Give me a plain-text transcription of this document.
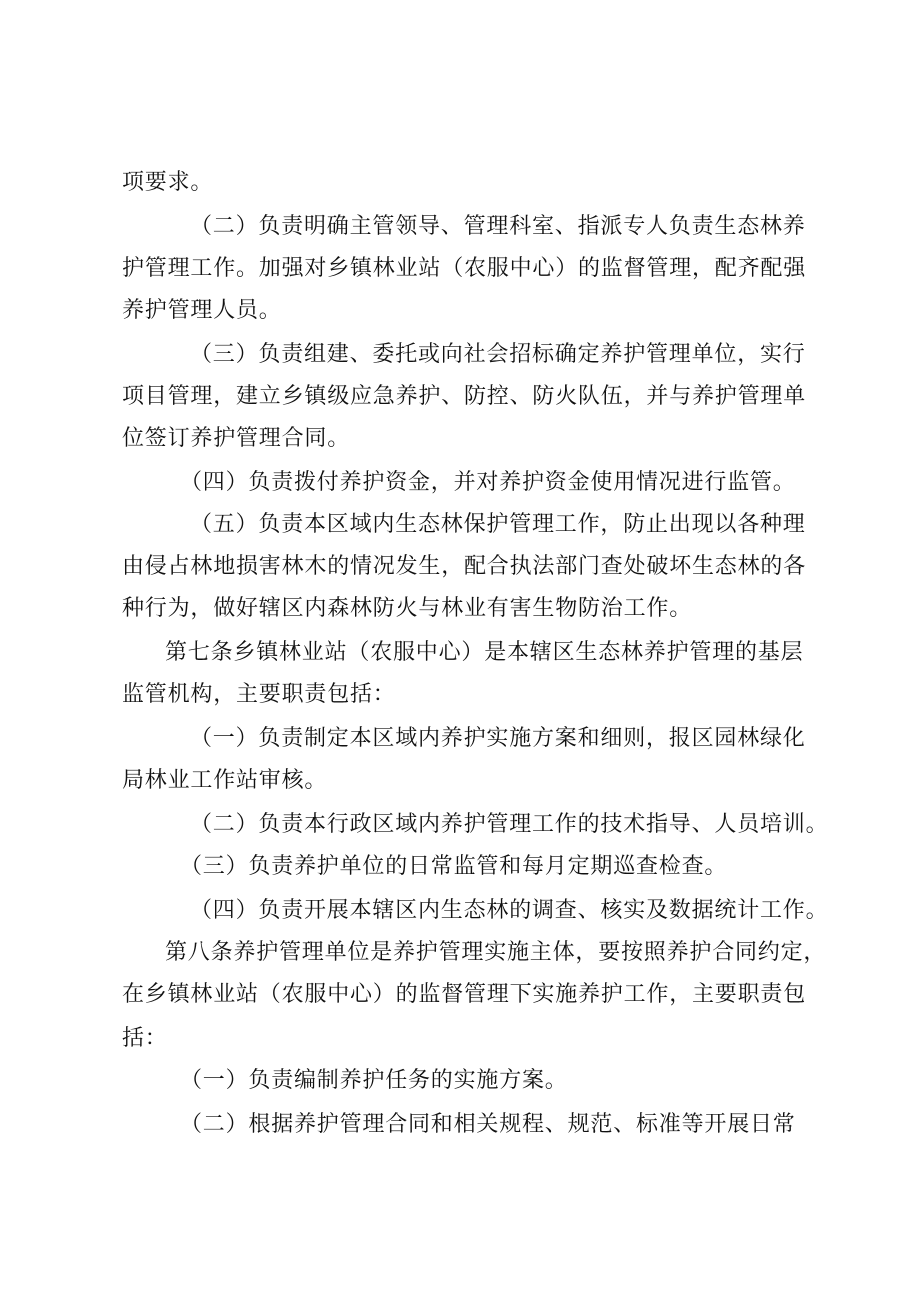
项要求。
（二）负责明确主管领导、管理科室、指派专人负责生态林养
护管理工作。加强对乡镇林业站（农服中心）的监督管理，配齐配强
养护管理人员。
（三）负责组建、委托或向社会招标确定养护管理单位，实行
项目管理，建立乡镇级应急养护、防控、防火队伍，并与养护管理单
位签订养护管理合同。
（四）负责拨付养护资金，并对养护资金使用情况进行监管。
（五）负责本区域内生态林保护管理工作，防止出现以各种理
由侵占林地损害林木的情况发生，配合执法部门查处破坏生态林的各
种行为，做好辖区内森林防火与林业有害生物防治工作。
第七条乡镇林业站（农服中心）是本辖区生态林养护管理的基层
监管机构，主要职责包括：
（一）负责制定本区域内养护实施方案和细则，报区园林绿化
局林业工作站审核。
（二）负责本行政区域内养护管理工作的技术指导、人员培训。
（三）负责养护单位的日常监管和每月定期巡查检查。
（四）负责开展本辖区内生态林的调查、核实及数据统计工作。
第八条养护管理单位是养护管理实施主体，要按照养护合同约定，
在乡镇林业站（农服中心）的监督管理下实施养护工作，主要职责包
括：
（一）负责编制养护任务的实施方案。
（二）根据养护管理合同和相关规程、规范、标准等开展日常
